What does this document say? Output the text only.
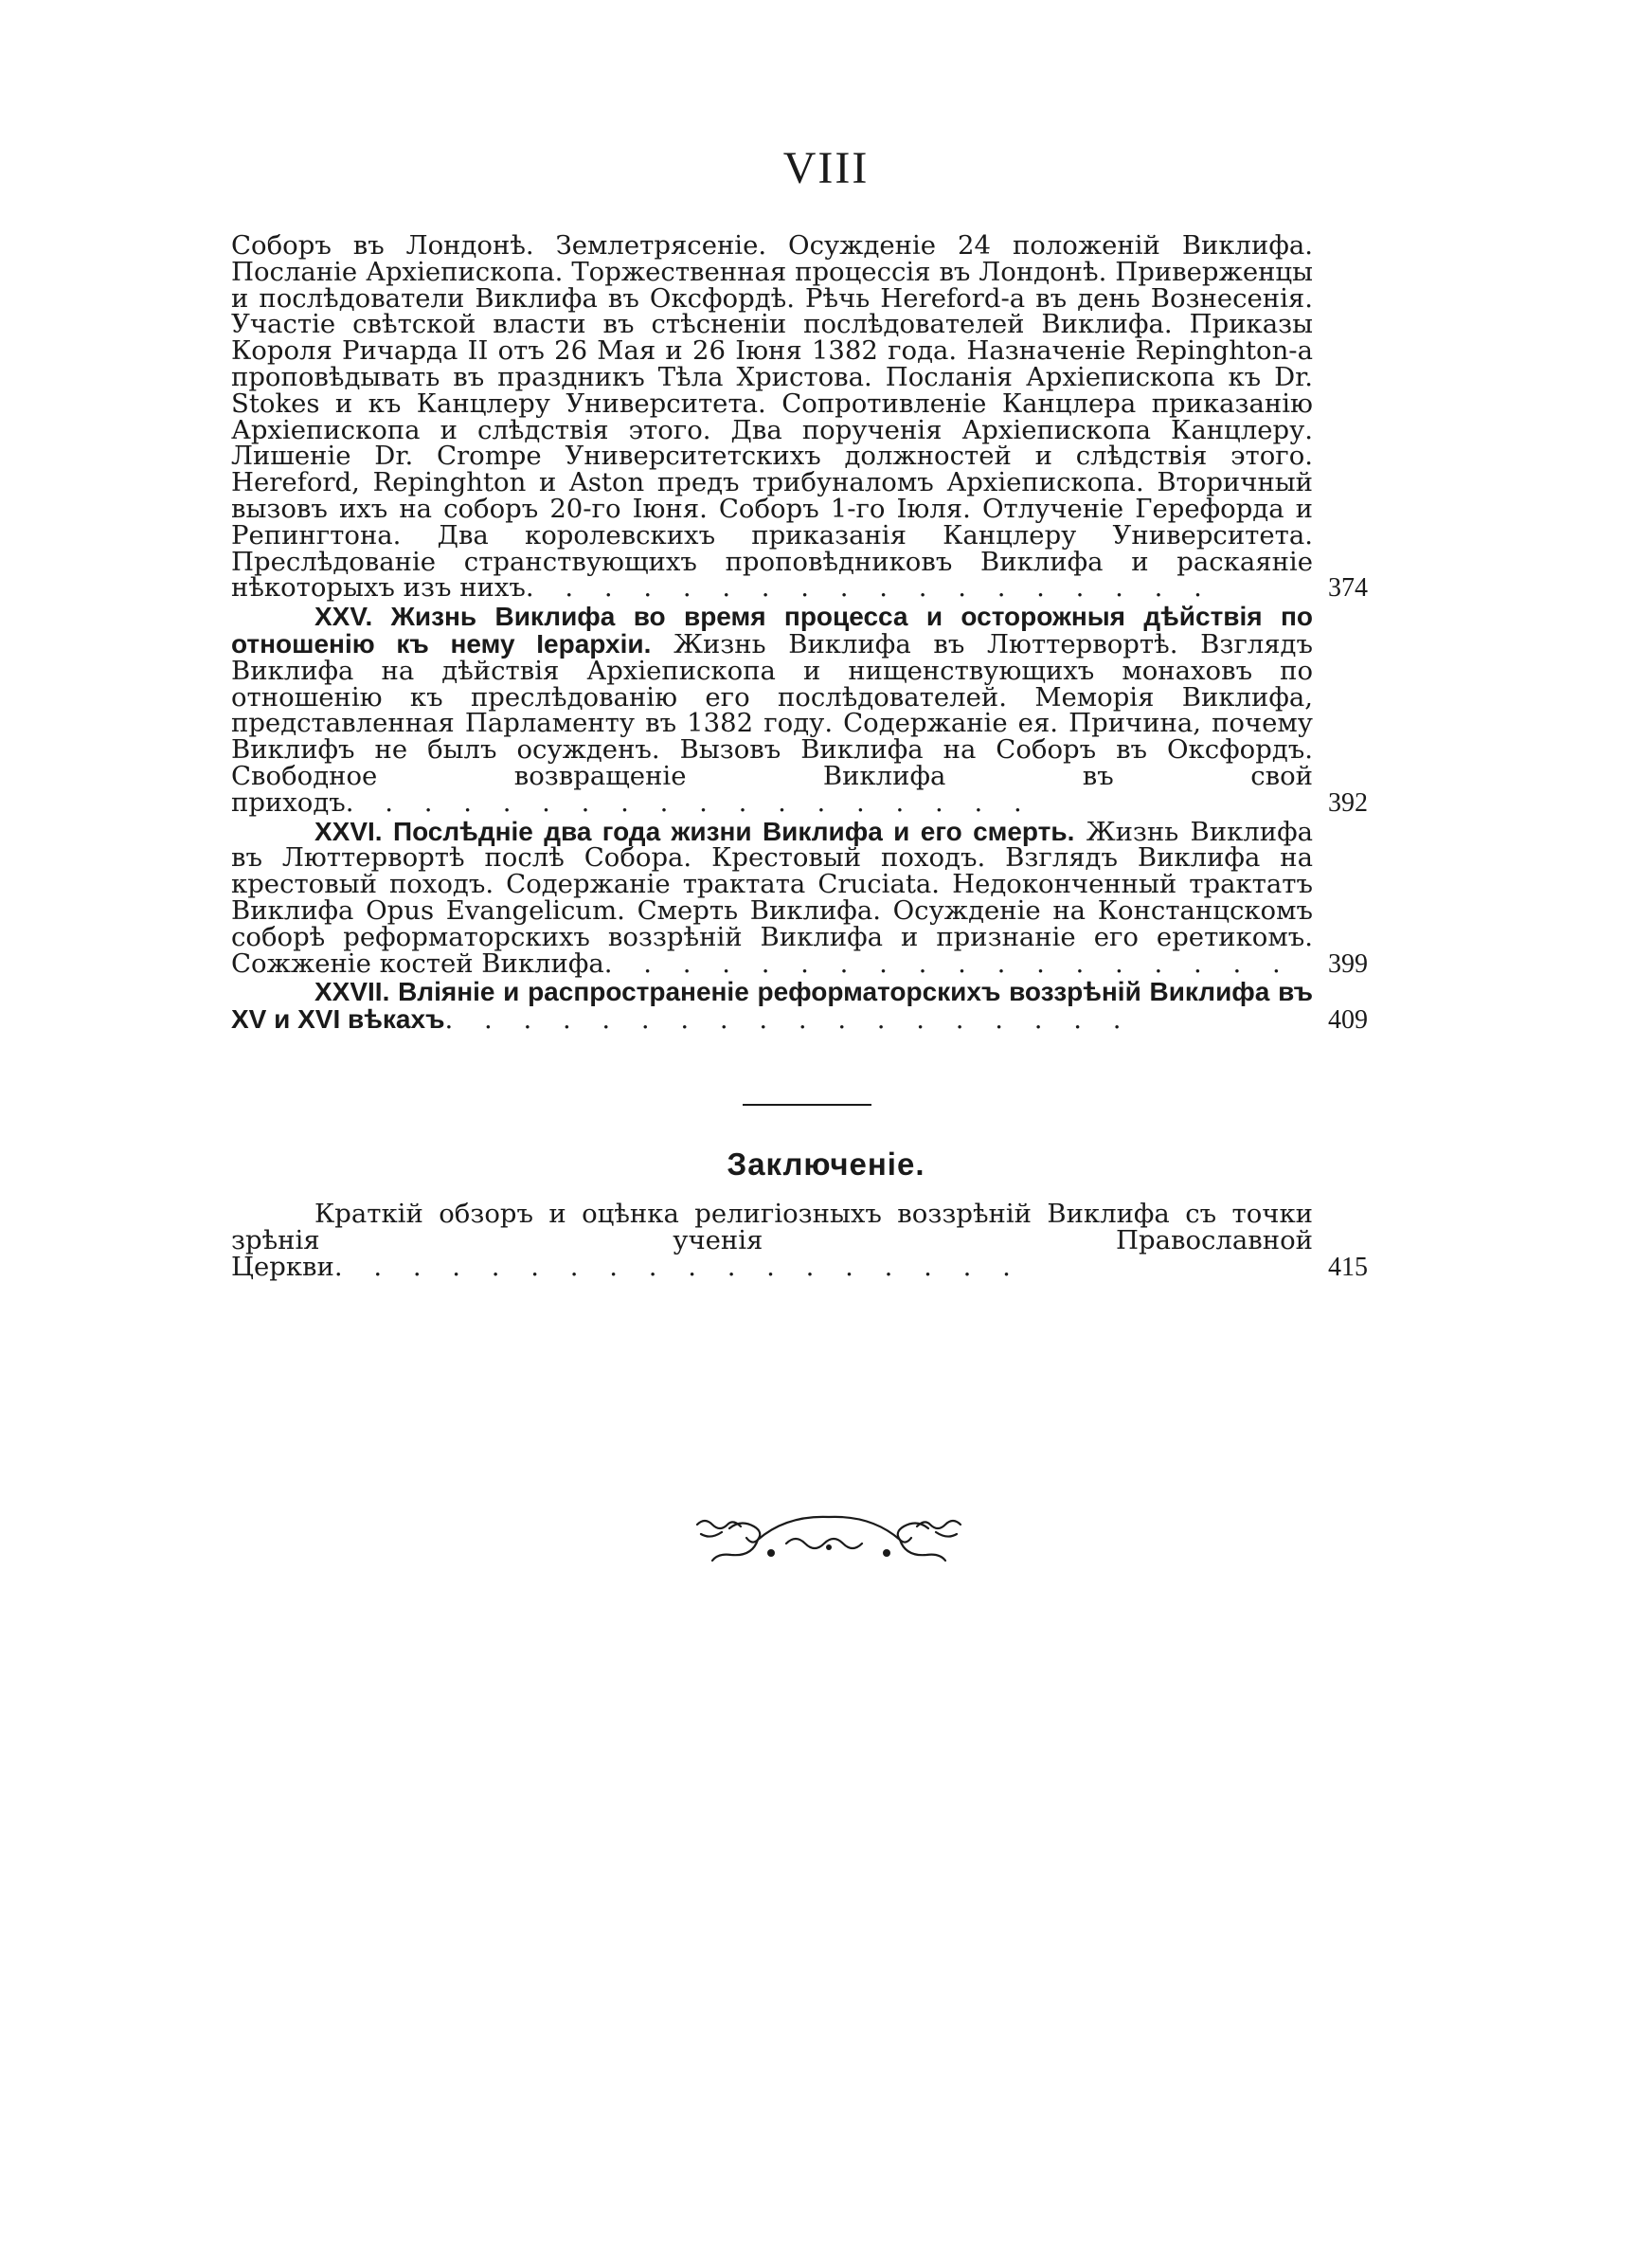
VIII
Соборъ въ Лондонѣ. Землетрясеніе. Осужденіе 24 положеній Виклифа. Посланіе Архіепископа. Торжественная процессія въ Лондонѣ. Приверженцы и послѣдователи Виклифа въ Оксфордѣ. Рѣчь Hereford-а въ день Вознесенія. Участіе свѣтской власти въ стѣсненіи послѣдователей Виклифа. Приказы Короля Ричарда II отъ 26 Мая и 26 Іюня 1382 года. Назначеніе Repinghton-а проповѣдывать въ праздникъ Тѣла Христова. Посланія Архіепископа къ Dr. Stokes и къ Канцлеру Университета. Сопротивленіе Канцлера приказанію Архіепископа и слѣдствія этого. Два порученія Архіепископа Канцлеру. Лишеніе Dr. Crompe Университетскихъ должностей и слѣдствія этого. Hereford, Repinghton и Aston предъ трибуналомъ Архіепископа. Вторичный вызовъ ихъ на соборъ 20-го Іюня. Соборъ 1-го Іюля. Отлученіе Герефорда и Репингтона. Два королевскихъ приказанія Канцлеру Университета. Преслѣдованіе странствующихъ проповѣдниковъ Виклифа и раскаяніе нѣкоторыхъ изъ нихъ. . . . . . . . . . . . . . . . . .	374
XXV. Жизнь Виклифа во время процесса и осторожныя дѣйствія по отношенію къ нему Іерархіи. Жизнь Виклифа въ Люттервортѣ. Взглядъ Виклифа на дѣйствія Архіепископа и нищенствующихъ монаховъ по отношенію къ преслѣдованію его послѣдователей. Меморія Виклифа, представленная Парламенту въ 1382 году. Содержаніе ея. Причина, почему Виклифъ не былъ осужденъ. Вызовъ Виклифа на Соборъ въ Оксфордъ. Свободное возвращеніе Виклифа въ свой приходъ. . . . . . . . . . . . . . . . . .	392
XXVI. Послѣдніе два года жизни Виклифа и его смерть. Жизнь Виклифа въ Люттервортѣ послѣ Собора. Крестовый походъ. Взглядъ Виклифа на крестовый походъ. Содержаніе трактата Cruciata. Недоконченный трактатъ Виклифа Opus Evangelicum. Смерть Виклифа. Осужденіе на Констанцскомъ соборѣ реформаторскихъ воззрѣній Виклифа и признаніе его еретикомъ. Сожженіе костей Виклифа. . . . . . . . . . . . . . . . . . 399
XXVII. Вліяніе и распространеніе реформаторскихъ воззрѣній Виклифа въ XV и XVI вѣкахъ. . . . . . . . . . . . . . . . . .	409
Заключеніе.
Краткій обзоръ и оцѣнка религіозныхъ воззрѣній Виклифа съ точки зрѣнія ученія Православной Церкви. . . . . . . . . . . . . . . . . .	415
